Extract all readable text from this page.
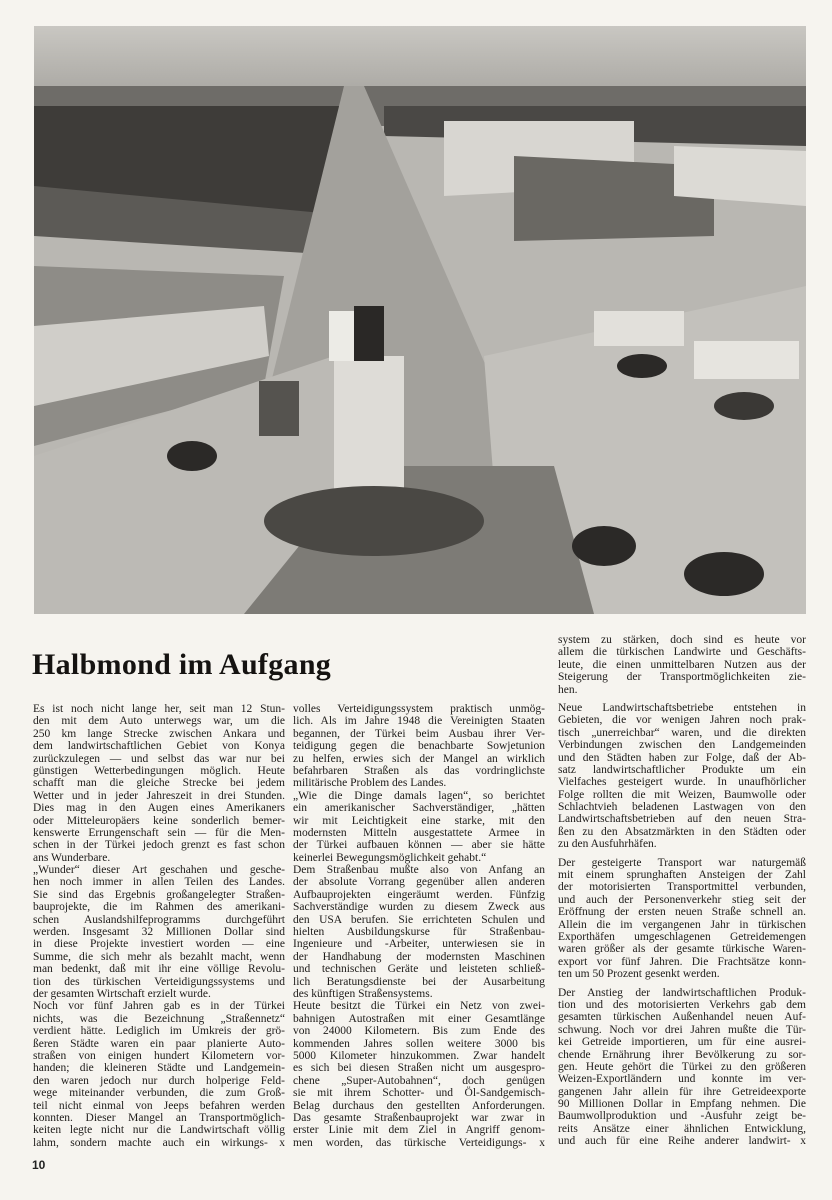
Halbmond im Aufgang
Es ist noch nicht lange her, seit man 12 Stun-
den mit dem Auto unterwegs war, um die
250 km lange Strecke zwischen Ankara und
dem landwirtschaftlichen Gebiet von Konya
zurückzulegen — und selbst das war nur bei
günstigen Wetterbedingungen möglich. Heute
schafft man die gleiche Strecke bei jedem
Wetter und in jeder Jahreszeit in drei Stunden.
Dies mag in den Augen eines Amerikaners
oder Mitteleuropäers keine sonderlich bemer-
kenswerte Errungenschaft sein — für die Men-
schen in der Türkei jedoch grenzt es fast schon
ans Wunderbare.
„Wunder“ dieser Art geschahen und gesche-
hen noch immer in allen Teilen des Landes.
Sie sind das Ergebnis großangelegter Straßen-
bauprojekte, die im Rahmen des amerikani-
schen Auslandshilfeprogramms durchgeführt
werden. Insgesamt 32 Millionen Dollar sind
in diese Projekte investiert worden — eine
Summe, die sich mehr als bezahlt macht, wenn
man bedenkt, daß mit ihr eine völlige Revolu-
tion des türkischen Verteidigungssystems und
der gesamten Wirtschaft erzielt wurde.
Noch vor fünf Jahren gab es in der Türkei
nichts, was die Bezeichnung „Straßennetz“
verdient hätte. Lediglich im Umkreis der grö-
ßeren Städte waren ein paar planierte Auto-
straßen von einigen hundert Kilometern vor-
handen; die kleineren Städte und Landgemein-
den waren jedoch nur durch holperige Feld-
wege miteinander verbunden, die zum Groß-
teil nicht einmal von Jeeps befahren werden
konnten. Dieser Mangel an Transportmöglich-
keiten legte nicht nur die Landwirtschaft völlig
lahm, sondern machte auch ein wirkungs- x
volles Verteidigungssystem praktisch unmög-
lich. Als im Jahre 1948 die Vereinigten Staaten
begannen, der Türkei beim Ausbau ihrer Ver-
teidigung gegen die benachbarte Sowjetunion
zu helfen, erwies sich der Mangel an wirklich
befahrbaren Straßen als das vordringlichste
militärische Problem des Landes.
„Wie die Dinge damals lagen“, so berichtet
ein amerikanischer Sachverständiger, „hätten
wir mit Leichtigkeit eine starke, mit den
modernsten Mitteln ausgestattete Armee in
der Türkei aufbauen können — aber sie hätte
keinerlei Bewegungsmöglichkeit gehabt.“
Dem Straßenbau mußte also von Anfang an
der absolute Vorrang gegenüber allen anderen
Aufbauprojekten eingeräumt werden. Fünfzig
Sachverständige wurden zu diesem Zweck aus
den USA berufen. Sie errichteten Schulen und
hielten Ausbildungskurse für Straßenbau-
Ingenieure und -Arbeiter, unterwiesen sie in
der Handhabung der modernsten Maschinen
und technischen Geräte und leisteten schließ-
lich Beratungsdienste bei der Ausarbeitung
des künftigen Straßensystems.
Heute besitzt die Türkei ein Netz von zwei-
bahnigen Autostraßen mit einer Gesamtlänge
von 24000 Kilometern. Bis zum Ende des
kommenden Jahres sollen weitere 3000 bis
5000 Kilometer hinzukommen. Zwar handelt
es sich bei diesen Straßen nicht um ausgespro-
chene „Super-Autobahnen“, doch genügen
sie mit ihrem Schotter- und Öl-Sandgemisch-
Belag durchaus den gestellten Anforderungen.
Das gesamte Straßenbauprojekt war zwar in
erster Linie mit dem Ziel in Angriff genom-
men worden, das türkische Verteidigungs- x
system zu stärken, doch sind es heute vor
allem die türkischen Landwirte und Geschäfts-
leute, die einen unmittelbaren Nutzen aus der
Steigerung der Transportmöglichkeiten zie-
hen.
Neue Landwirtschaftsbetriebe entstehen in
Gebieten, die vor wenigen Jahren noch prak-
tisch „unerreichbar“ waren, und die direkten
Verbindungen zwischen den Landgemeinden
und den Städten haben zur Folge, daß der Ab-
satz landwirtschaftlicher Produkte um ein
Vielfaches gesteigert wurde. In unaufhörlicher
Folge rollten die mit Weizen, Baumwolle oder
Schlachtvieh beladenen Lastwagen von den
Landwirtschaftsbetrieben auf den neuen Stra-
ßen zu den Absatzmärkten in den Städten oder
zu den Ausfuhrhäfen.
Der gesteigerte Transport war naturgemäß
mit einem sprunghaften Ansteigen der Zahl
der motorisierten Transportmittel verbunden,
und auch der Personenverkehr stieg seit der
Eröffnung der ersten neuen Straße schnell an.
Allein die im vergangenen Jahr in türkischen
Exporthäfen umgeschlagenen Getreidemengen
waren größer als der gesamte türkische Waren-
export vor fünf Jahren. Die Frachtsätze konn-
ten um 50 Prozent gesenkt werden.
Der Anstieg der landwirtschaftlichen Produk-
tion und des motorisierten Verkehrs gab dem
gesamten türkischen Außenhandel neuen Auf-
schwung. Noch vor drei Jahren mußte die Tür-
kei Getreide importieren, um für eine ausrei-
chende Ernährung ihrer Bevölkerung zu sor-
gen. Heute gehört die Türkei zu den größeren
Weizen-Exportländern und konnte im ver-
gangenen Jahr allein für ihre Getreideexporte
90 Millionen Dollar in Empfang nehmen. Die
Baumwollproduktion und -Ausfuhr zeigt be-
reits Ansätze einer ähnlichen Entwicklung,
und auch für eine Reihe anderer landwirt- x
10
